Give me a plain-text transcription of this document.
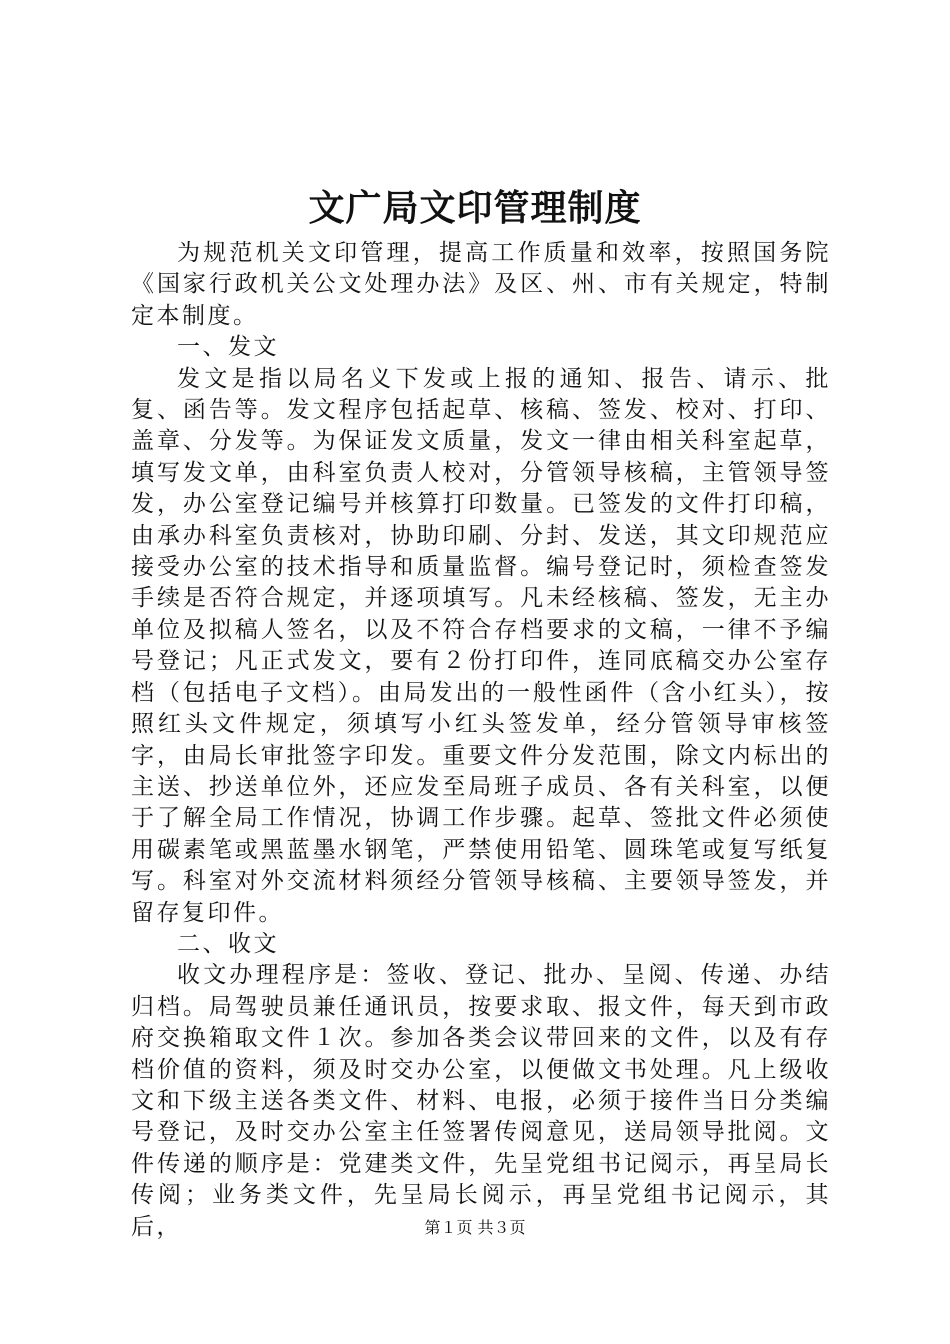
文广局文印管理制度

为规范机关文印管理，提高工作质量和效率，按照国务院《国家行政机关公文处理办法》及区、州、市有关规定，特制定本制度。

一、发文

发文是指以局名义下发或上报的通知、报告、请示、批复、函告等。发文程序包括起草、核稿、签发、校对、打印、盖章、分发等。为保证发文质量，发文一律由相关科室起草，填写发文单，由科室负责人校对，分管领导核稿，主管领导签发，办公室登记编号并核算打印数量。已签发的文件打印稿，由承办科室负责核对，协助印刷、分封、发送，其文印规范应接受办公室的技术指导和质量监督。编号登记时，须检查签发手续是否符合规定，并逐项填写。凡未经核稿、签发，无主办单位及拟稿人签名，以及不符合存档要求的文稿，一律不予编号登记；凡正式发文，要有２份打印件，连同底稿交办公室存档（包括电子文档）。由局发出的一般性函件（含小红头），按照红头文件规定，须填写小红头签发单，经分管领导审核签字，由局长审批签字印发。重要文件分发范围，除文内标出的主送、抄送单位外，还应发至局班子成员、各有关科室，以便于了解全局工作情况，协调工作步骤。起草、签批文件必须使用碳素笔或黑蓝墨水钢笔，严禁使用铅笔、圆珠笔或复写纸复写。科室对外交流材料须经分管领导核稿、主要领导签发，并留存复印件。

二、收文

收文办理程序是：签收、登记、批办、呈阅、传递、办结归档。局驾驶员兼任通讯员，按要求取、报文件，每天到市政府交换箱取文件１次。参加各类会议带回来的文件，以及有存档价值的资料，须及时交办公室，以便做文书处理。凡上级收文和下级主送各类文件、材料、电报，必须于接件当日分类编号登记，及时交办公室主任签署传阅意见，送局领导批阅。文件传递的顺序是：党建类文件，先呈党组书记阅示，再呈局长传阅；业务类文件，先呈局长阅示，再呈党组书记阅示，其后，	第１页 共３页
